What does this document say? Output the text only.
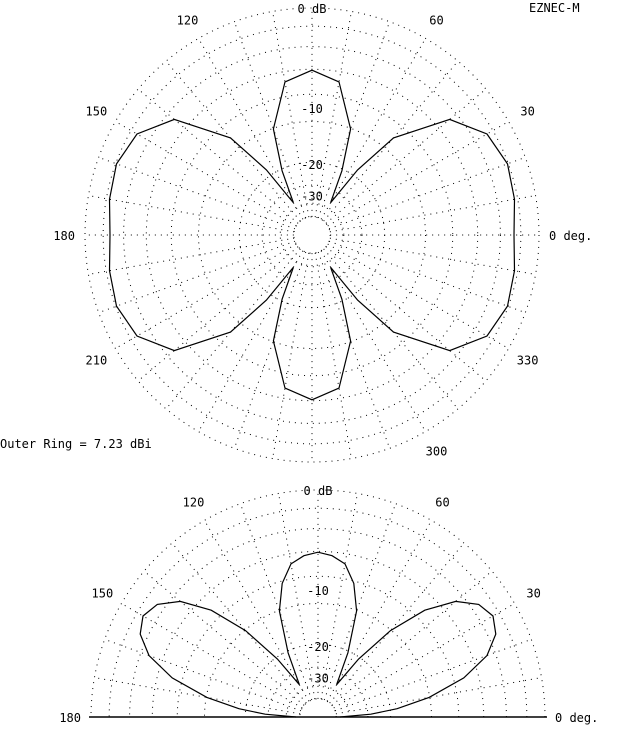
EZNEC-M
Outer Ring = 7.23 dBi
0 dB
-10
-20
-30
0 deg.
30
60
120
150
180
210
300
330
0 dB
-10
-20
-30
0 deg.
30
60
120
150
180
